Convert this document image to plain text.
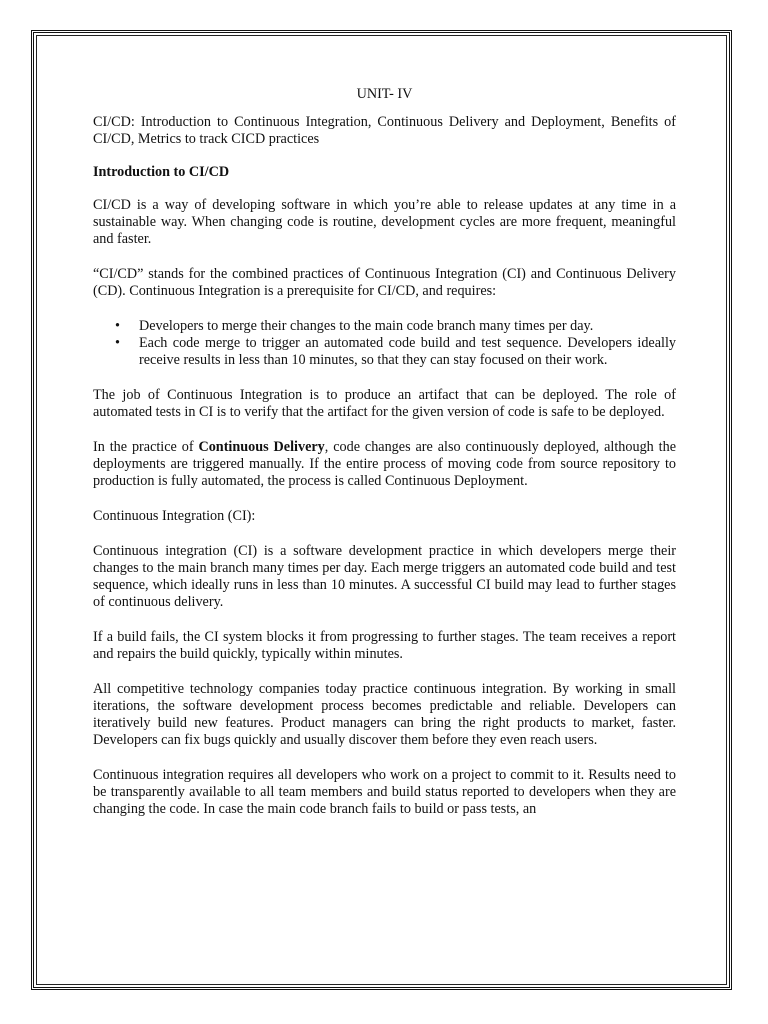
UNIT- IV

CI/CD: Introduction to Continuous Integration, Continuous Delivery and Deployment, Benefits of CI/CD, Metrics to track CICD practices

Introduction to CI/CD

CI/CD is a way of developing software in which you’re able to release updates at any time in a sustainable way. When changing code is routine, development cycles are more frequent, meaningful and faster.

“CI/CD” stands for the combined practices of Continuous Integration (CI) and Continuous Delivery (CD). Continuous Integration is a prerequisite for CI/CD, and requires:

• Developers to merge their changes to the main code branch many times per day.
• Each code merge to trigger an automated code build and test sequence. Developers ideally receive results in less than 10 minutes, so that they can stay focused on their work.

The job of Continuous Integration is to produce an artifact that can be deployed. The role of automated tests in CI is to verify that the artifact for the given version of code is safe to be deployed.

In the practice of Continuous Delivery, code changes are also continuously deployed, although the deployments are triggered manually. If the entire process of moving code from source repository to production is fully automated, the process is called Continuous Deployment.

Continuous Integration (CI):

Continuous integration (CI) is a software development practice in which developers merge their changes to the main branch many times per day. Each merge triggers an automated code build and test sequence, which ideally runs in less than 10 minutes. A successful CI build may lead to further stages of continuous delivery.

If a build fails, the CI system blocks it from progressing to further stages. The team receives a report and repairs the build quickly, typically within minutes.

All competitive technology companies today practice continuous integration. By working in small iterations, the software development process becomes predictable and reliable. Developers can iteratively build new features. Product managers can bring the right products to market, faster. Developers can fix bugs quickly and usually discover them before they even reach users.

Continuous integration requires all developers who work on a project to commit to it. Results need to be transparently available to all team members and build status reported to developers when they are changing the code. In case the main code branch fails to build or pass tests, an
